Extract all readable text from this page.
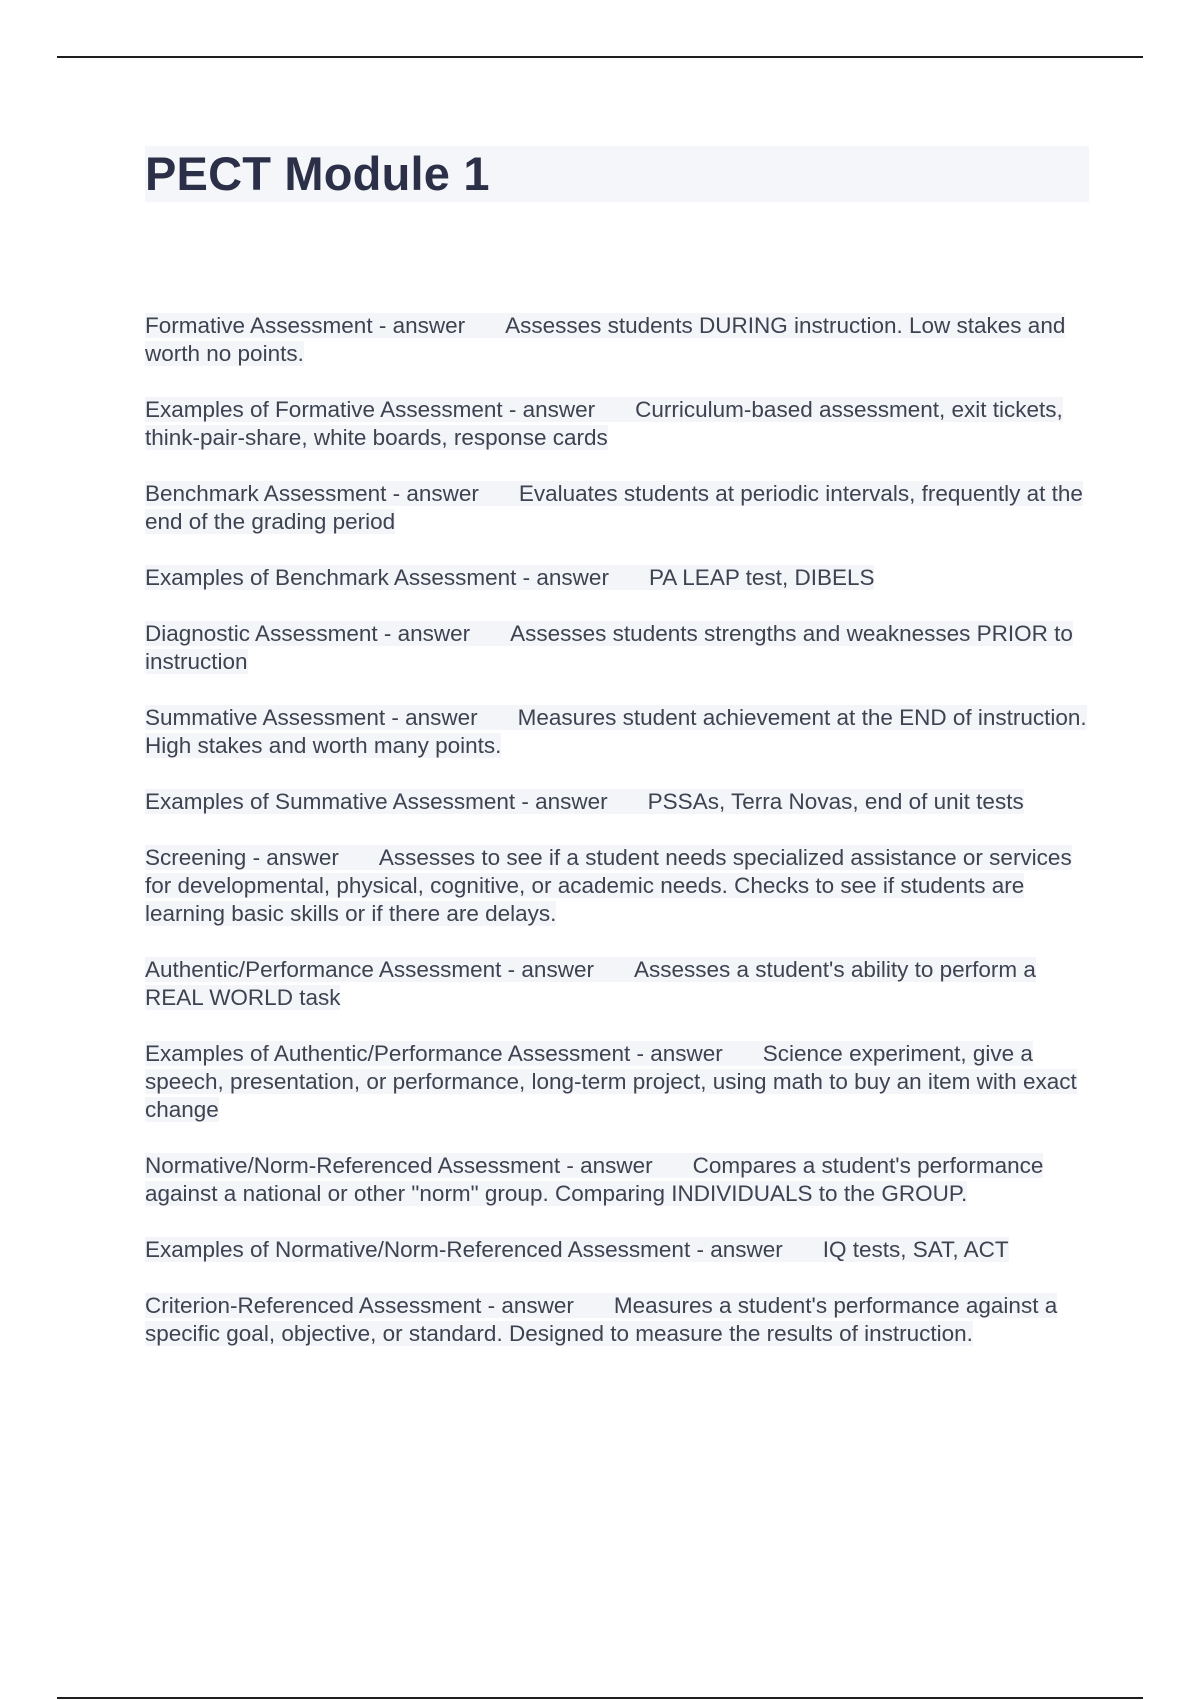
PECT Module 1

Formative Assessment - answer Assesses students DURING instruction. Low stakes and worth no points.

Examples of Formative Assessment - answer Curriculum-based assessment, exit tickets, think-pair-share, white boards, response cards

Benchmark Assessment - answer Evaluates students at periodic intervals, frequently at the end of the grading period

Examples of Benchmark Assessment - answer PA LEAP test, DIBELS

Diagnostic Assessment - answer Assesses students strengths and weaknesses PRIOR to instruction

Summative Assessment - answer Measures student achievement at the END of instruction. High stakes and worth many points.

Examples of Summative Assessment - answer PSSAs, Terra Novas, end of unit tests

Screening - answer Assesses to see if a student needs specialized assistance or services for developmental, physical, cognitive, or academic needs. Checks to see if students are learning basic skills or if there are delays.

Authentic/Performance Assessment - answer Assesses a student's ability to perform a REAL WORLD task

Examples of Authentic/Performance Assessment - answer Science experiment, give a speech, presentation, or performance, long-term project, using math to buy an item with exact change

Normative/Norm-Referenced Assessment - answer Compares a student's performance against a national or other "norm" group. Comparing INDIVIDUALS to the GROUP.

Examples of Normative/Norm-Referenced Assessment - answer IQ tests, SAT, ACT

Criterion-Referenced Assessment - answer Measures a student's performance against a specific goal, objective, or standard. Designed to measure the results of instruction.
